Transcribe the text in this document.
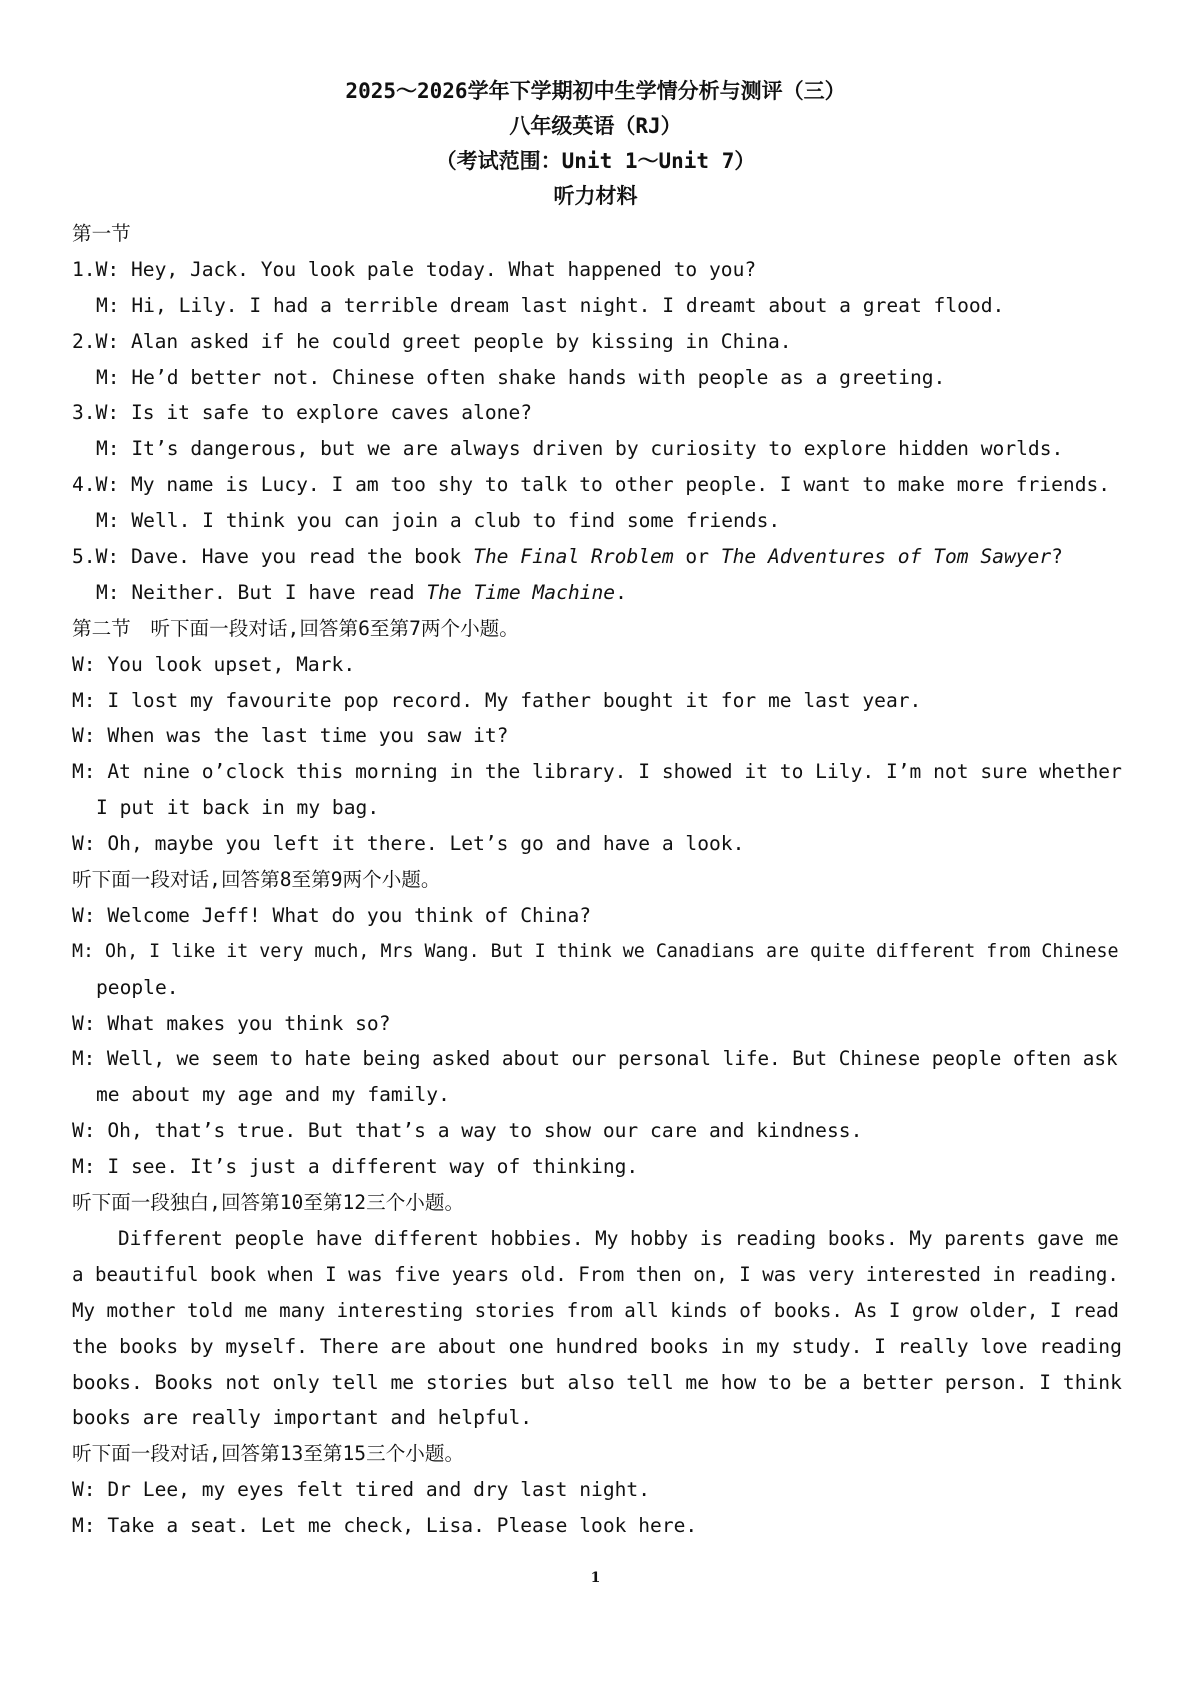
2025～2026学年下学期初中生学情分析与测评（三）
八年级英语（RJ）
（考试范围：Unit 1～Unit 7）
听力材料
第一节
1.W: Hey, Jack. You look pale today. What happened to you?
M: Hi, Lily. I had a terrible dream last night. I dreamt about a great flood.
2.W: Alan asked if he could greet people by kissing in China.
M: He’d better not. Chinese often shake hands with people as a greeting.
3.W: Is it safe to explore caves alone?
M: It’s dangerous, but we are always driven by curiosity to explore hidden worlds.
4.W: My name is Lucy. I am too shy to talk to other people. I want to make more friends.
M: Well. I think you can join a club to find some friends.
5.W: Dave. Have you read the book The Final Rroblem or The Adventures of Tom Sawyer?
M: Neither. But I have read The Time Machine.
第二节　听下面一段对话,回答第6至第7两个小题。
W: You look upset, Mark.
M: I lost my favourite pop record. My father bought it for me last year.
W: When was the last time you saw it?
M: At nine o’clock this morning in the library. I showed it to Lily. I’m not sure whether
I put it back in my bag.
W: Oh, maybe you left it there. Let’s go and have a look.
听下面一段对话,回答第8至第9两个小题。
W: Welcome Jeff! What do you think of China?
M: Oh, I like it very much, Mrs Wang. But I think we Canadians are quite different from Chinese
people.
W: What makes you think so?
M: Well, we seem to hate being asked about our personal life. But Chinese people often ask
me about my age and my family.
W: Oh, that’s true. But that’s a way to show our care and kindness.
M: I see. It’s just a different way of thinking.
听下面一段独白,回答第10至第12三个小题。
Different people have different hobbies. My hobby is reading books. My parents gave me
a beautiful book when I was five years old. From then on, I was very interested in reading.
My mother told me many interesting stories from all kinds of books. As I grow older, I read
the books by myself. There are about one hundred books in my study. I really love reading
books. Books not only tell me stories but also tell me how to be a better person. I think
books are really important and helpful.
听下面一段对话,回答第13至第15三个小题。
W: Dr Lee, my eyes felt tired and dry last night.
M: Take a seat. Let me check, Lisa. Please look here.
1
